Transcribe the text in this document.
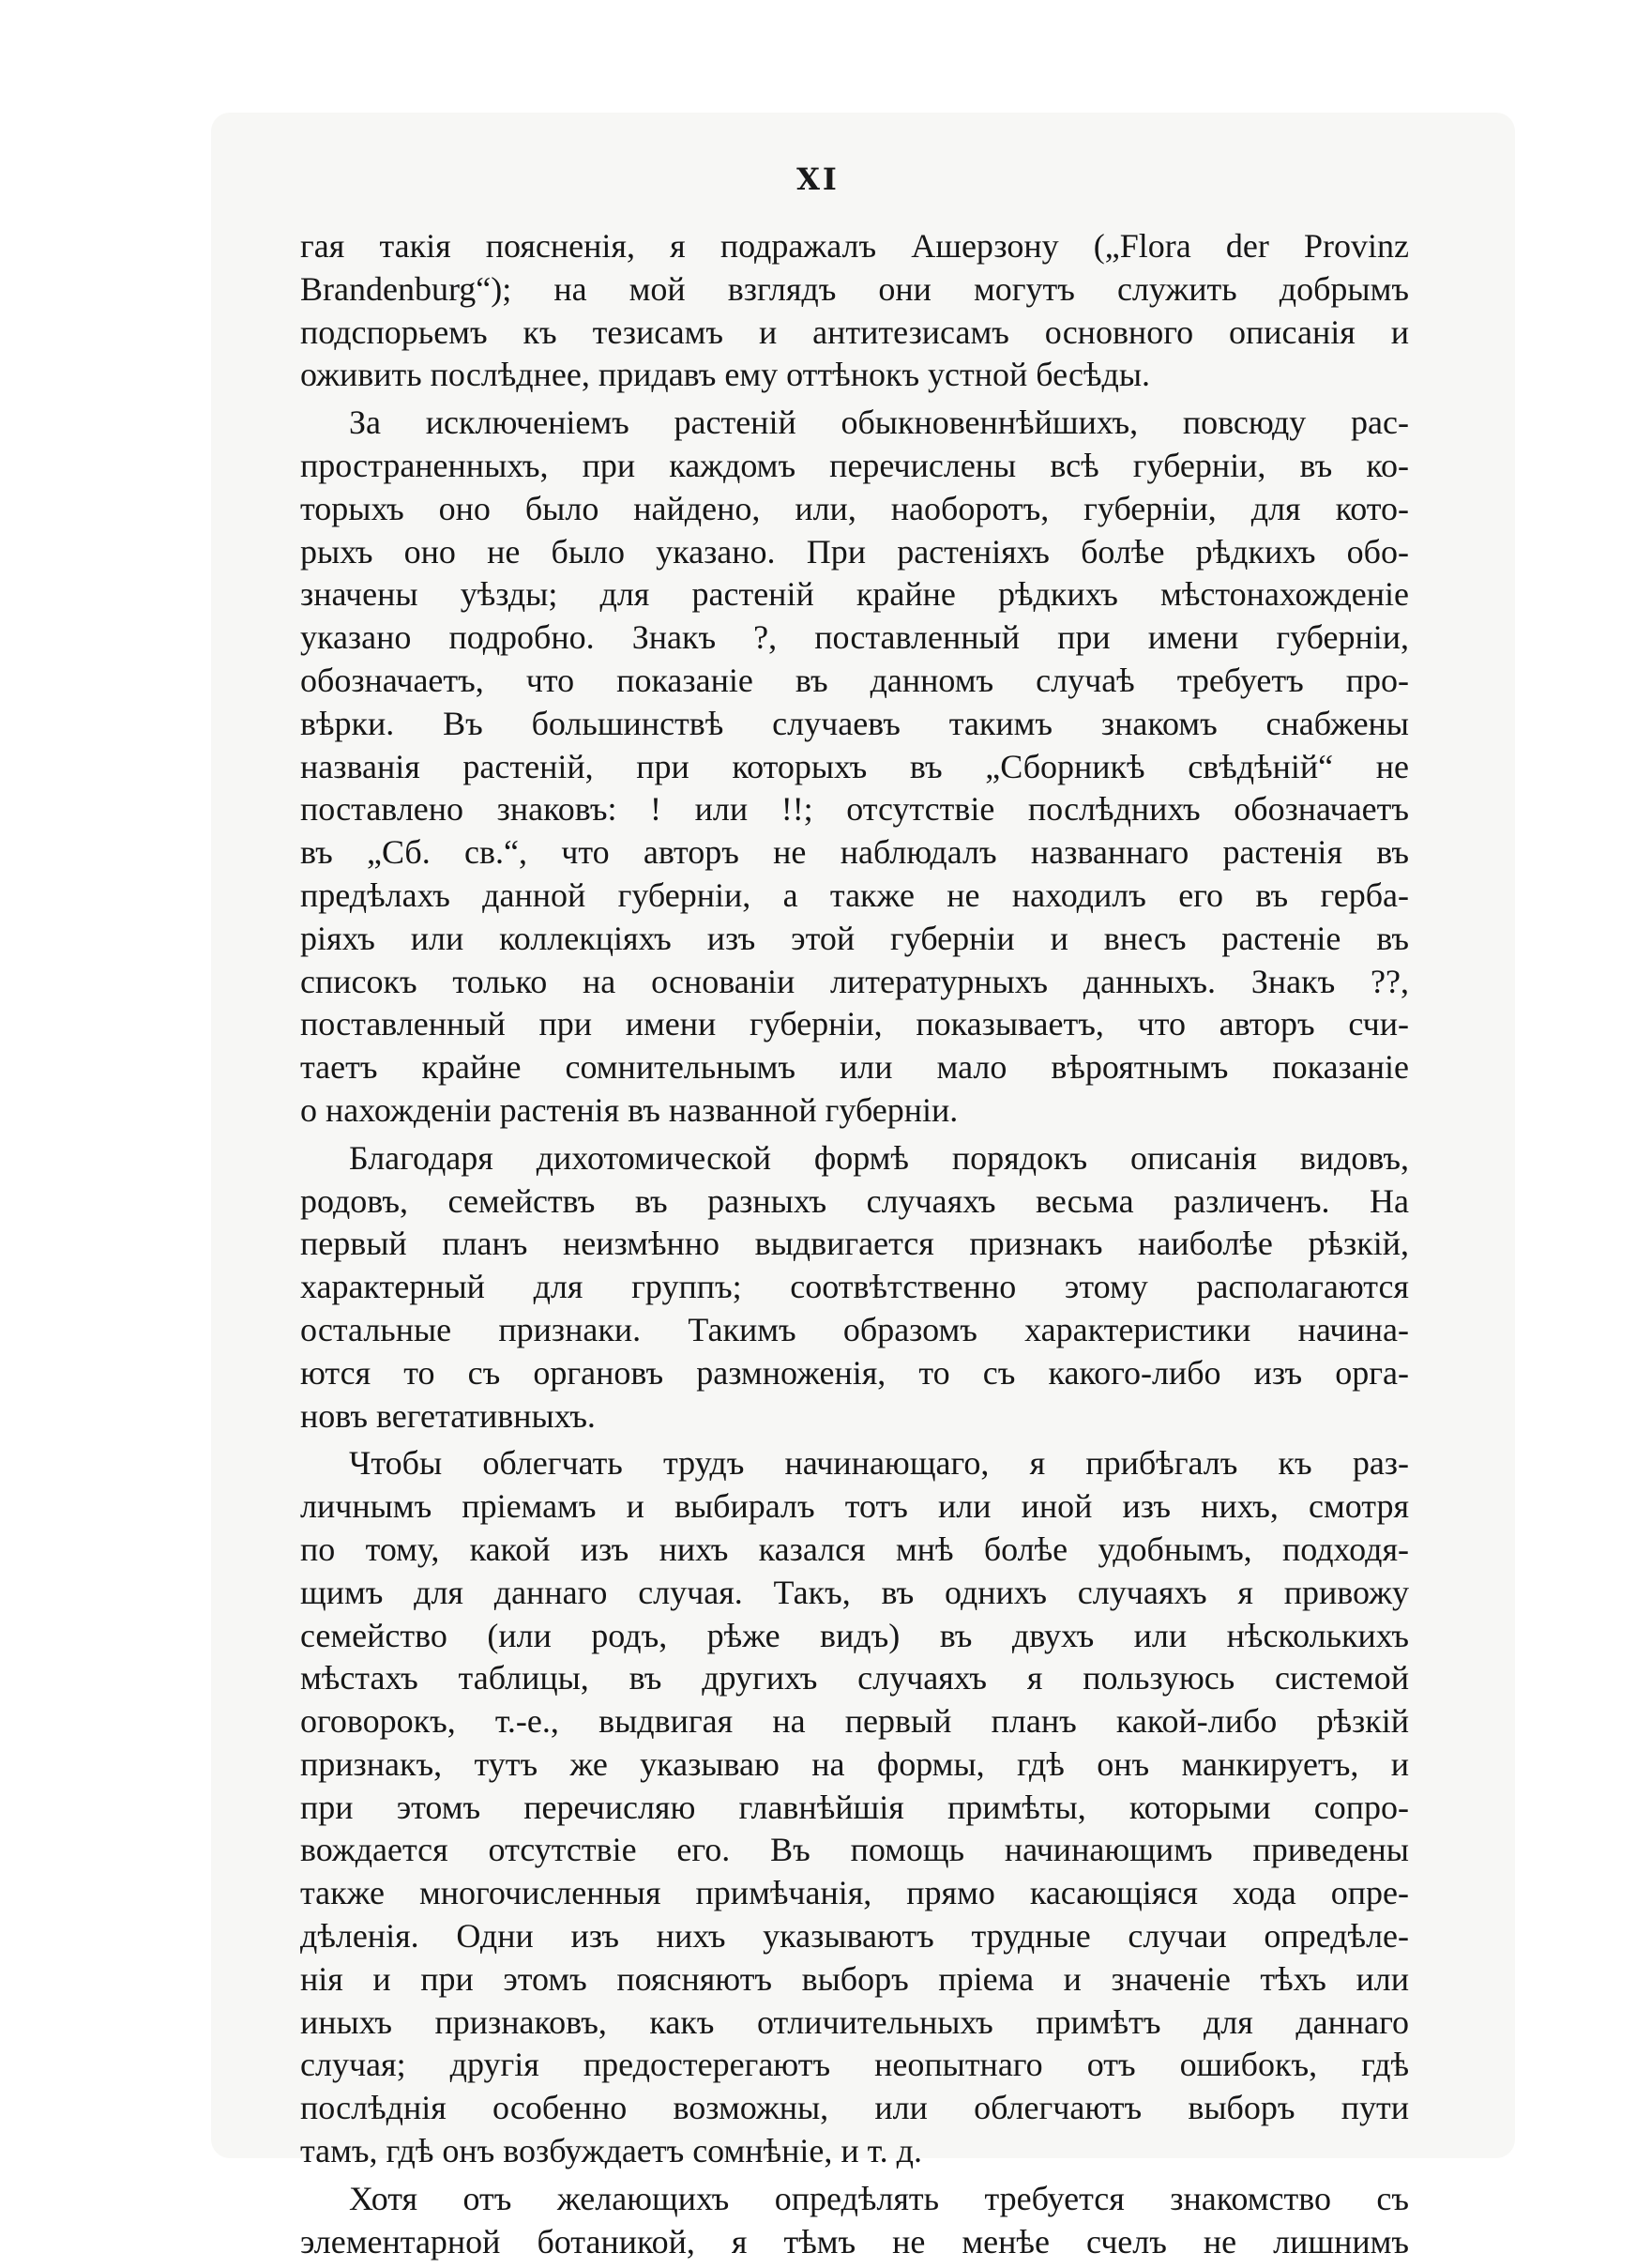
XI
гая такія поясненія, я подражалъ Ашерзону („Flora der Provinz
Brandenburg“); на мой взглядъ они могутъ служить добрымъ
подспорьемъ къ тезисамъ и антитезисамъ основного описанія и
оживить послѣднее, придавъ ему оттѣнокъ устной бесѣды.
За исключеніемъ растеній обыкновеннѣйшихъ, повсюду рас-
пространенныхъ, при каждомъ перечислены всѣ губерніи, въ ко-
торыхъ оно было найдено, или, наоборотъ, губерніи, для кото-
рыхъ оно не было указано. При растеніяхъ болѣе рѣдкихъ обо-
значены уѣзды; для растеній крайне рѣдкихъ мѣстонахожденіе
указано подробно. Знакъ ?, поставленный при имени губерніи,
обозначаетъ, что показаніе въ данномъ случаѣ требуетъ про-
вѣрки. Въ большинствѣ случаевъ такимъ знакомъ снабжены
названія растеній, при которыхъ въ „Сборникѣ свѣдѣній“ не
поставлено знаковъ: ! или !!; отсутствіе послѣднихъ обозначаетъ
въ „Сб. св.“, что авторъ не наблюдалъ названнаго растенія въ
предѣлахъ данной губерніи, а также не находилъ его въ герба-
ріяхъ или коллекціяхъ изъ этой губерніи и внесъ растеніе въ
списокъ только на основаніи литературныхъ данныхъ. Знакъ ??,
поставленный при имени губерніи, показываетъ, что авторъ счи-
таетъ крайне сомнительнымъ или мало вѣроятнымъ показаніе
о нахожденіи растенія въ названной губерніи.
Благодаря дихотомической формѣ порядокъ описанія видовъ,
родовъ, семействъ въ разныхъ случаяхъ весьма различенъ. На
первый планъ неизмѣнно выдвигается признакъ наиболѣе рѣзкій,
характерный для группъ; соотвѣтственно этому располагаются
остальные признаки. Такимъ образомъ характеристики начина-
ются то съ органовъ размноженія, то съ какого-либо изъ орга-
новъ вегетативныхъ.
Чтобы облегчать трудъ начинающаго, я прибѣгалъ къ раз-
личнымъ пріемамъ и выбиралъ тотъ или иной изъ нихъ, смотря
по тому, какой изъ нихъ казался мнѣ болѣе удобнымъ, подходя-
щимъ для даннаго случая. Такъ, въ однихъ случаяхъ я привожу
семейство (или родъ, рѣже видъ) въ двухъ или нѣсколькихъ
мѣстахъ таблицы, въ другихъ случаяхъ я пользуюсь системой
оговорокъ, т.-е., выдвигая на первый планъ какой-либо рѣзкій
признакъ, тутъ же указываю на формы, гдѣ онъ манкируетъ, и
при этомъ перечисляю главнѣйшія примѣты, которыми сопро-
вождается отсутствіе его. Въ помощь начинающимъ приведены
также многочисленныя примѣчанія, прямо касающіяся хода опре-
дѣленія. Одни изъ нихъ указываютъ трудные случаи опредѣле-
нія и при этомъ поясняютъ выборъ пріема и значеніе тѣхъ или
иныхъ признаковъ, какъ отличительныхъ примѣтъ для даннаго
случая; другія предостерегаютъ неопытнаго отъ ошибокъ, гдѣ
послѣднія особенно возможны, или облегчаютъ выборъ пути
тамъ, гдѣ онъ возбуждаетъ сомнѣніе, и т. д.
Хотя отъ желающихъ опредѣлять требуется знакомство съ
элементарной ботаникой, я тѣмъ не менѣе счелъ не лишнимъ
